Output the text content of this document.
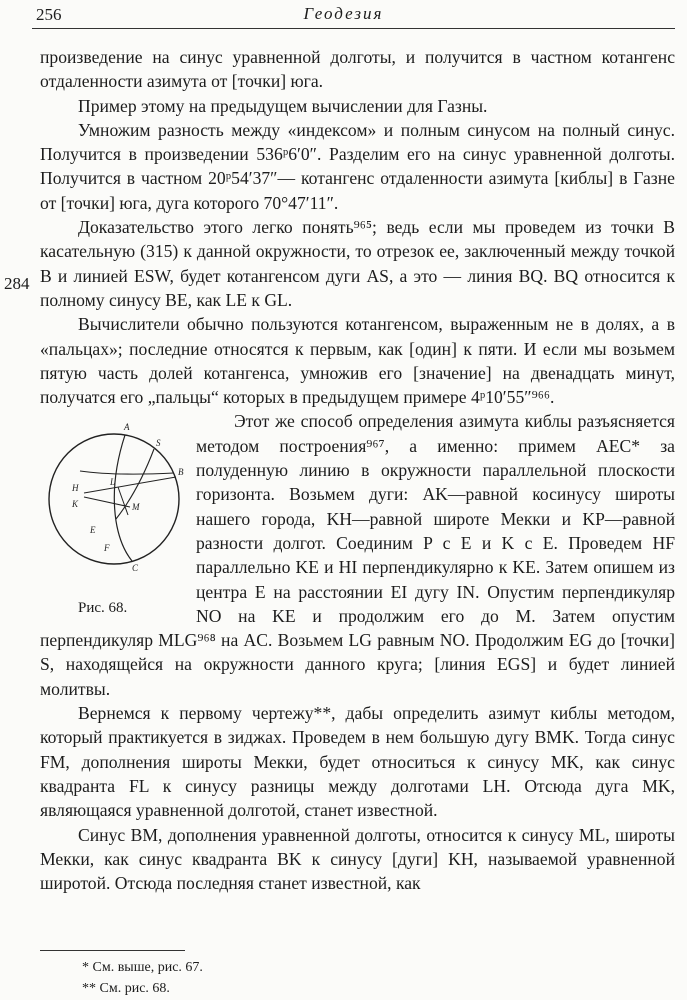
256	Геодезия
284

произведение на синус уравненной долготы, и получится в частном котангенс отдаленности азимута от [точки] юга.

Пример этому на предыдущем вычислении для Газны.

Умножим разность между «индексом» и полным синусом на полный синус. Получится в произведении 536ᵖ6′0″. Разделим его на синус уравненной долготы. Получится в частном 20ᵖ54′37″— котангенс отдаленности азимута [киблы] в Газне от [точки] юга, дуга которого 70°47′11″.

Доказательство этого легко понять⁹⁶⁵; ведь если мы проведем из точки B касательную (315) к данной окружности, то отрезок ее, заключенный между точкой B и линией ESW, будет котангенсом дуги AS, а это — линия BQ. BQ относится к полному синусу BE, как LE к GL.

Вычислители обычно пользуются котангенсом, выраженным не в долях, а в «пальцах»; последние относятся к первым, как [один] к пяти. И если мы возьмем пятую часть долей котангенса, умножив его [значение] на двенадцать минут, получатся его „пальцы“ которых в предыдущем примере 4ᵖ10′55″⁹⁶⁶.

A
S
B
H
L
K	M
E
F
C
Рис. 68.

Этот же способ определения азимута киблы разъясняется методом построения⁹⁶⁷, а именно: примем AEC* за полуденную линию в окружности параллельной плоскости горизонта. Возьмем дуги: AK—равной косинусу широты нашего города, KH—равной широте Мекки и KP—равной разности долгот. Соединим P с E и K с E. Проведем HF параллельно KE и HI перпендикулярно к KE. Затем опишем из центра E на расстоянии EI дугу IN. Опустим перпендикуляр NO на KE и продолжим его до M. Затем опустим перпендикуляр MLG⁹⁶⁸ на AC. Возьмем LG равным NO. Продолжим EG до [точки] S, находящейся на окружности данного круга; [линия EGS] и будет линией молитвы.

Вернемся к первому чертежу**, дабы определить азимут киблы методом, который практикуется в зиджах. Проведем в нем большую дугу BMK. Тогда синус FM, дополнения широты Мекки, будет относиться к синусу MK, как синус квадранта FL к синусу разницы между долготами LH. Отсюда дуга MK, являющаяся уравненной долготой, станет известной.

Синус BM, дополнения уравненной долготы, относится к синусу ML, широты Мекки, как синус квадранта BK к синусу [дуги] KH, называемой уравненной широтой. Отсюда последняя станет известной, как

* См. выше, рис. 67.
** См. рис. 68.
